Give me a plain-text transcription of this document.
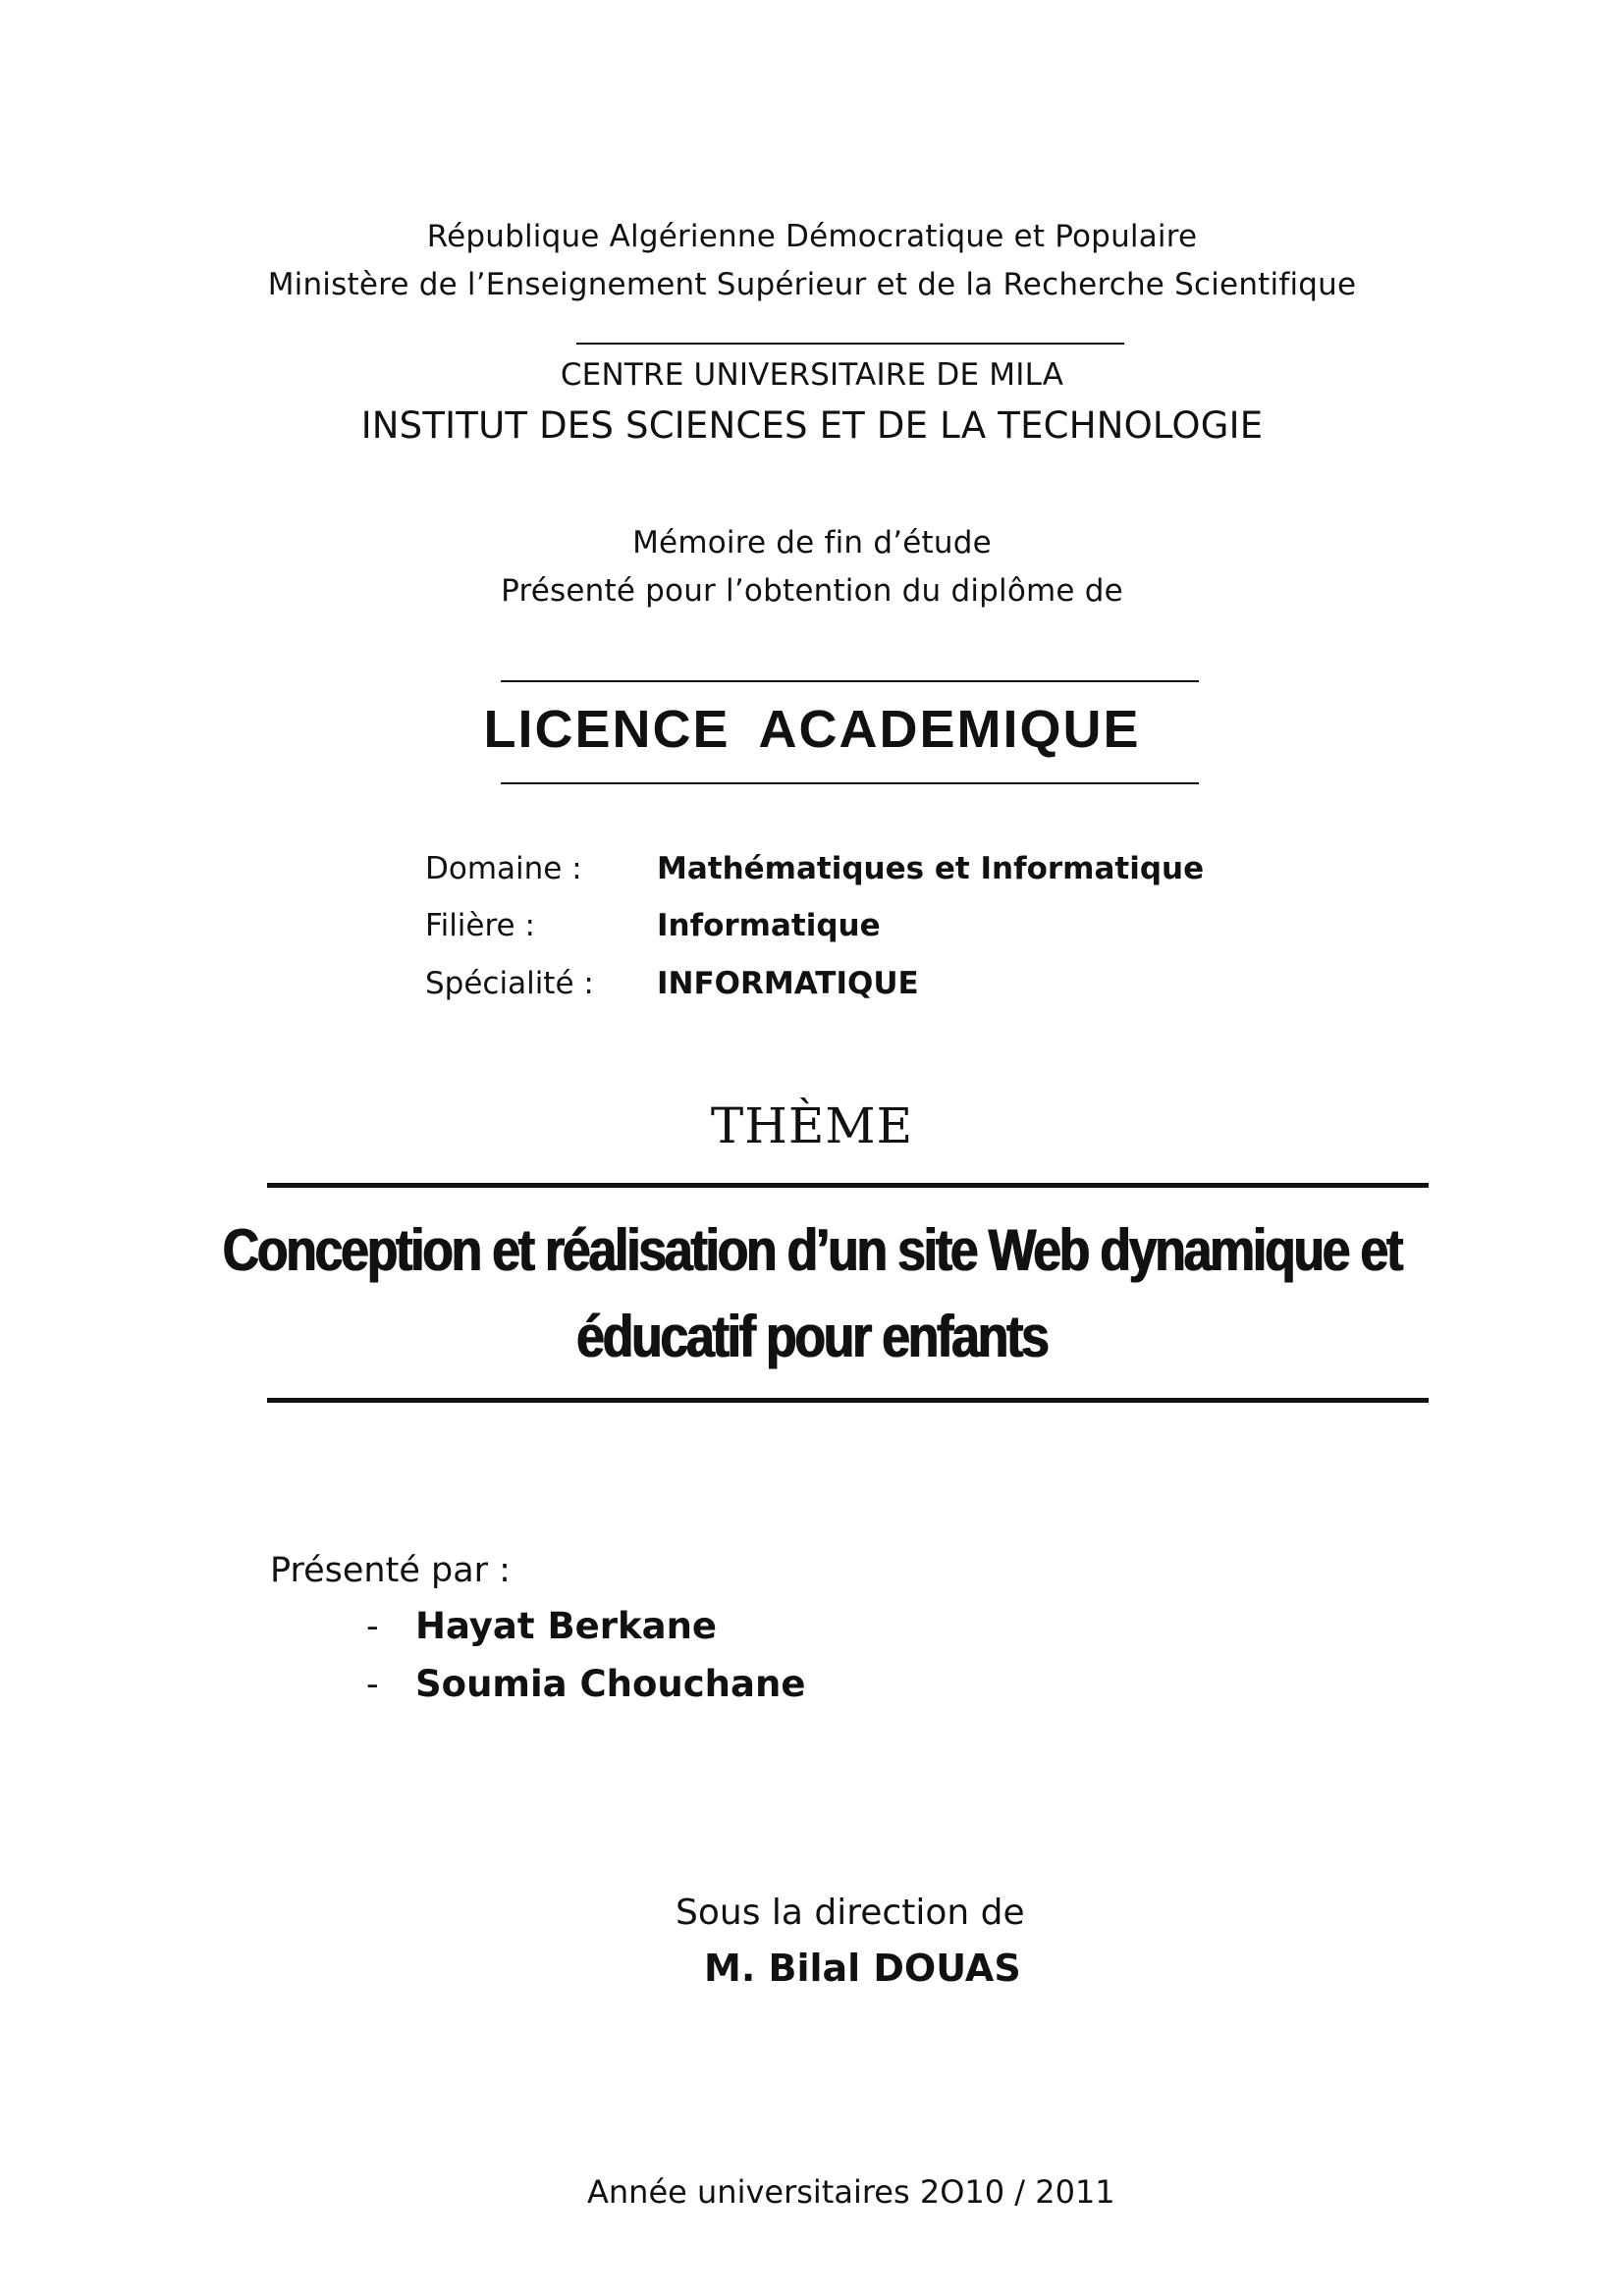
République Algérienne Démocratique et Populaire
Ministère de l’Enseignement Supérieur et de la Recherche Scientifique
CENTRE UNIVERSITAIRE DE MILA
INSTITUT DES SCIENCES ET DE LA TECHNOLOGIE
Mémoire de fin d’étude
Présenté pour l’obtention du diplôme de
LICENCE ACADEMIQUE
Domaine : Mathématiques et Informatique
Filière :	Informatique
Spécialité : INFORMATIQUE
THÈME
Conception et réalisation d’un site Web dynamique et
éducatif pour enfants
Présenté par :
- Hayat Berkane
- Soumia Chouchane
Sous la direction de
M. Bilal DOUAS
Année universitaires 2O10 / 2011
